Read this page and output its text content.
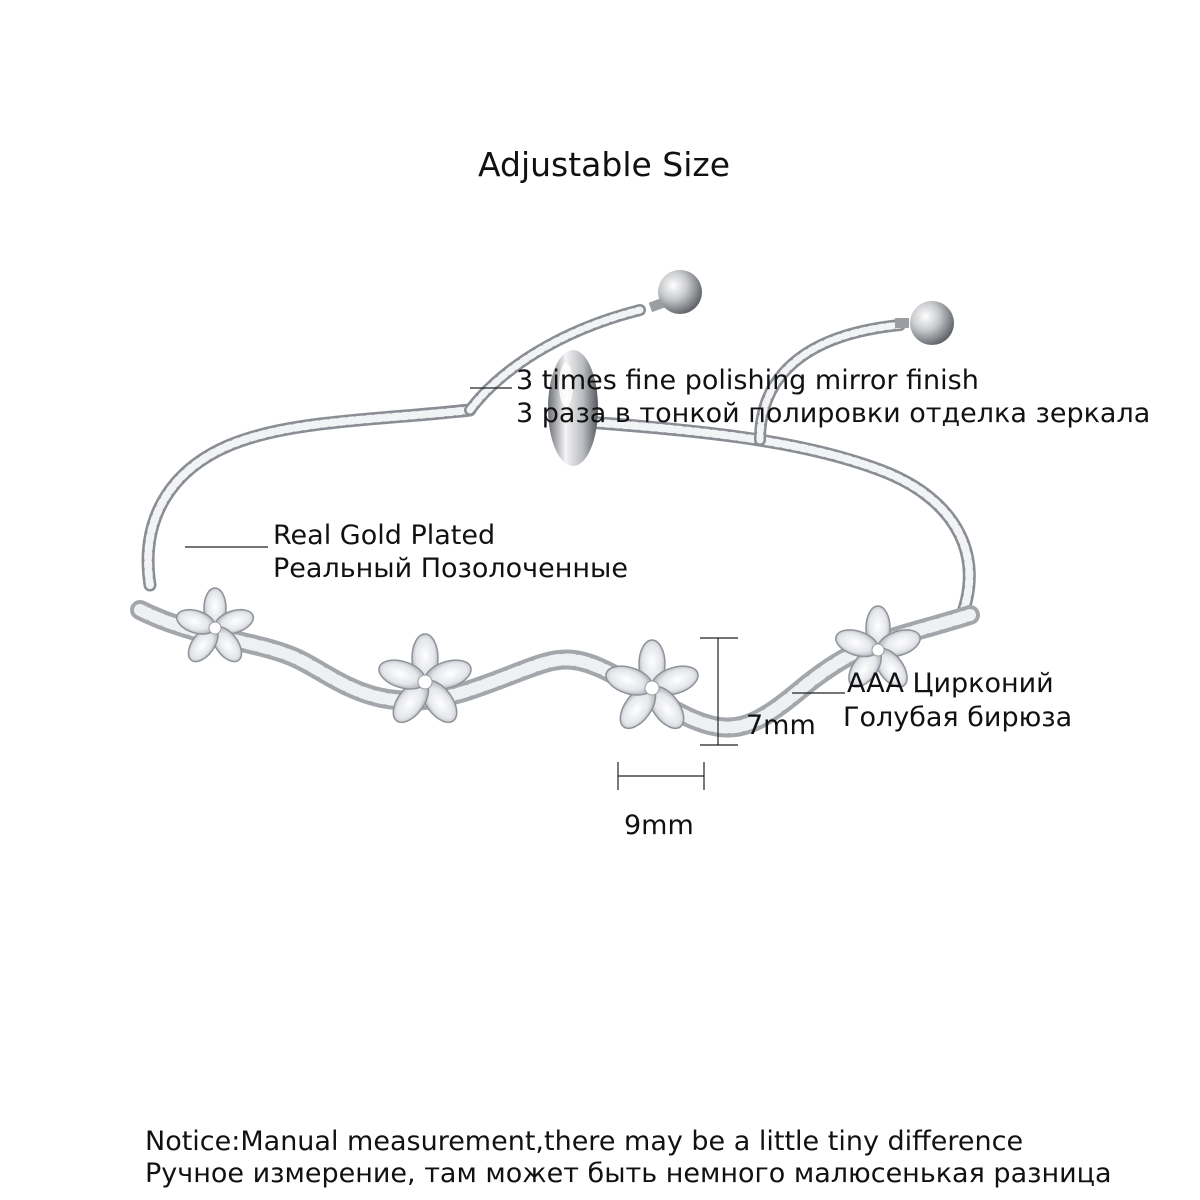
Adjustable Size
3 times fine polishing mirror finish
3 раза в тонкой полировки отделка зеркала
Real Gold Plated
Реальный Позолоченные
AAA Цирконий
Голубая бирюза
7mm
9mm
Notice:Manual measurement,there may be a little tiny difference
Ручное измерение, там может быть немного малюсенькая разница
